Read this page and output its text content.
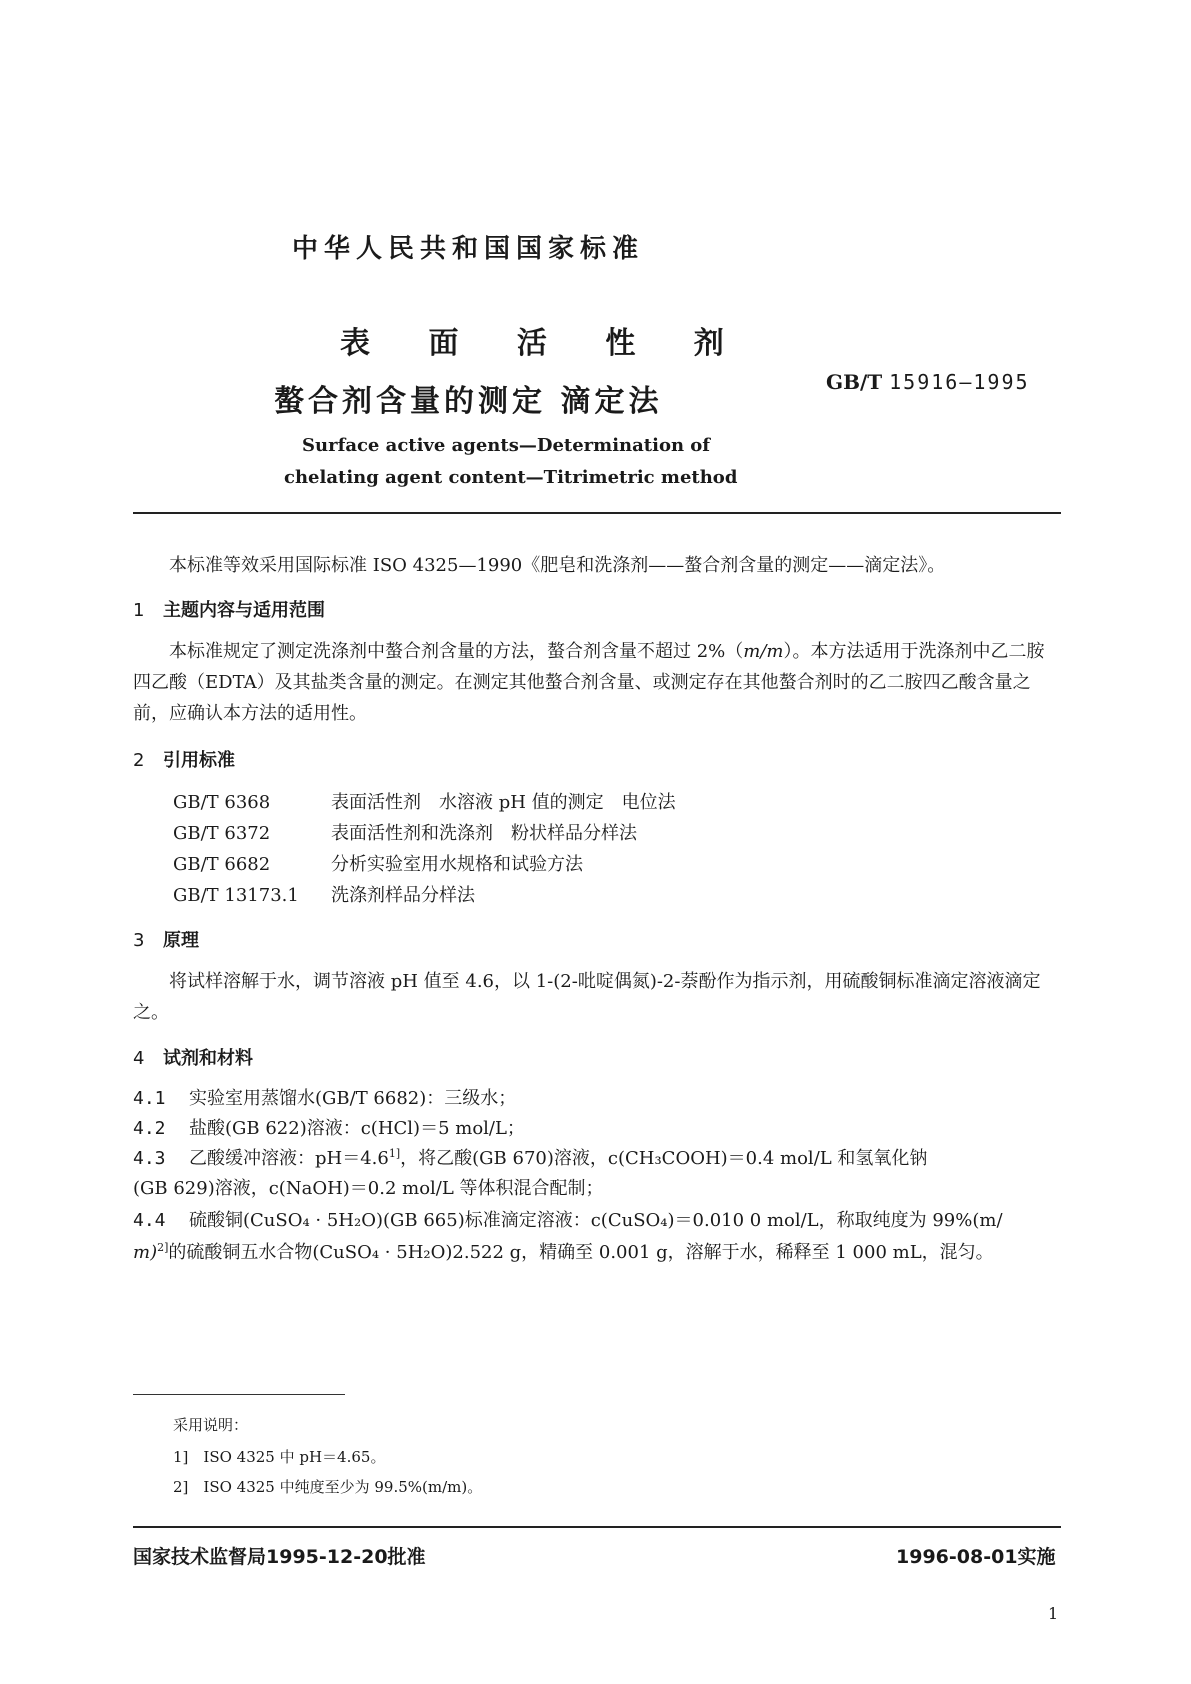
中华人民共和国国家标准
表 面 活 性 剂
螯合剂含量的测定 滴定法
GB/T 15916—1995
Surface active agents—Determination of
chelating agent content—Titrimetric method
本标准等效采用国际标准 ISO 4325—1990《肥皂和洗涤剂——螯合剂含量的测定——滴定法》。
1 主题内容与适用范围
本标准规定了测定洗涤剂中螯合剂含量的方法，螯合剂含量不超过 2%（m/m）。本方法适用于洗涤剂中乙二胺四乙酸（EDTA）及其盐类含量的测定。在测定其他螯合剂含量、或测定存在其他螯合剂时的乙二胺四乙酸含量之前，应确认本方法的适用性。
2 引用标准
GB/T 6368	表面活性剂　水溶液 pH 值的测定　电位法
GB/T 6372	表面活性剂和洗涤剂　粉状样品分样法
GB/T 6682	分析实验室用水规格和试验方法
GB/T 13173.1 洗涤剂样品分样法
3 原理
将试样溶解于水，调节溶液 pH 值至 4.6，以 1-(2-吡啶偶氮)-2-萘酚作为指示剂，用硫酸铜标准滴定溶液滴定之。
4 试剂和材料
4.1 实验室用蒸馏水(GB/T 6682)：三级水；
4.2 盐酸(GB 622)溶液：c(HCl)＝5 mol/L；
4.3 乙酸缓冲溶液：$pH=4.6^{1]}$，将乙酸(GB 670)溶液，c(CH₃COOH)＝0.4 mol/L 和氢氧化钠
(GB 629)溶液，c(NaOH)＝0.2 mol/L 等体积混合配制；
4.4 硫酸铜(CuSO₄ · 5H₂O)(GB 665)标准滴定溶液：c(CuSO₄)＝0.010 0 mol/L，称取纯度为 99%(m/
m)$^{2]}$的硫酸铜五水合物(CuSO₄ · 5H₂O)2.522 g，精确至 0.001 g，溶解于水，稀释至 1 000 mL，混匀。
采用说明：
1]　ISO 4325 中 pH＝4.65。
2]　ISO 4325 中纯度至少为 99.5%(m/m)。
国家技术监督局1995-12-20批准	1996-08-01实施
1
